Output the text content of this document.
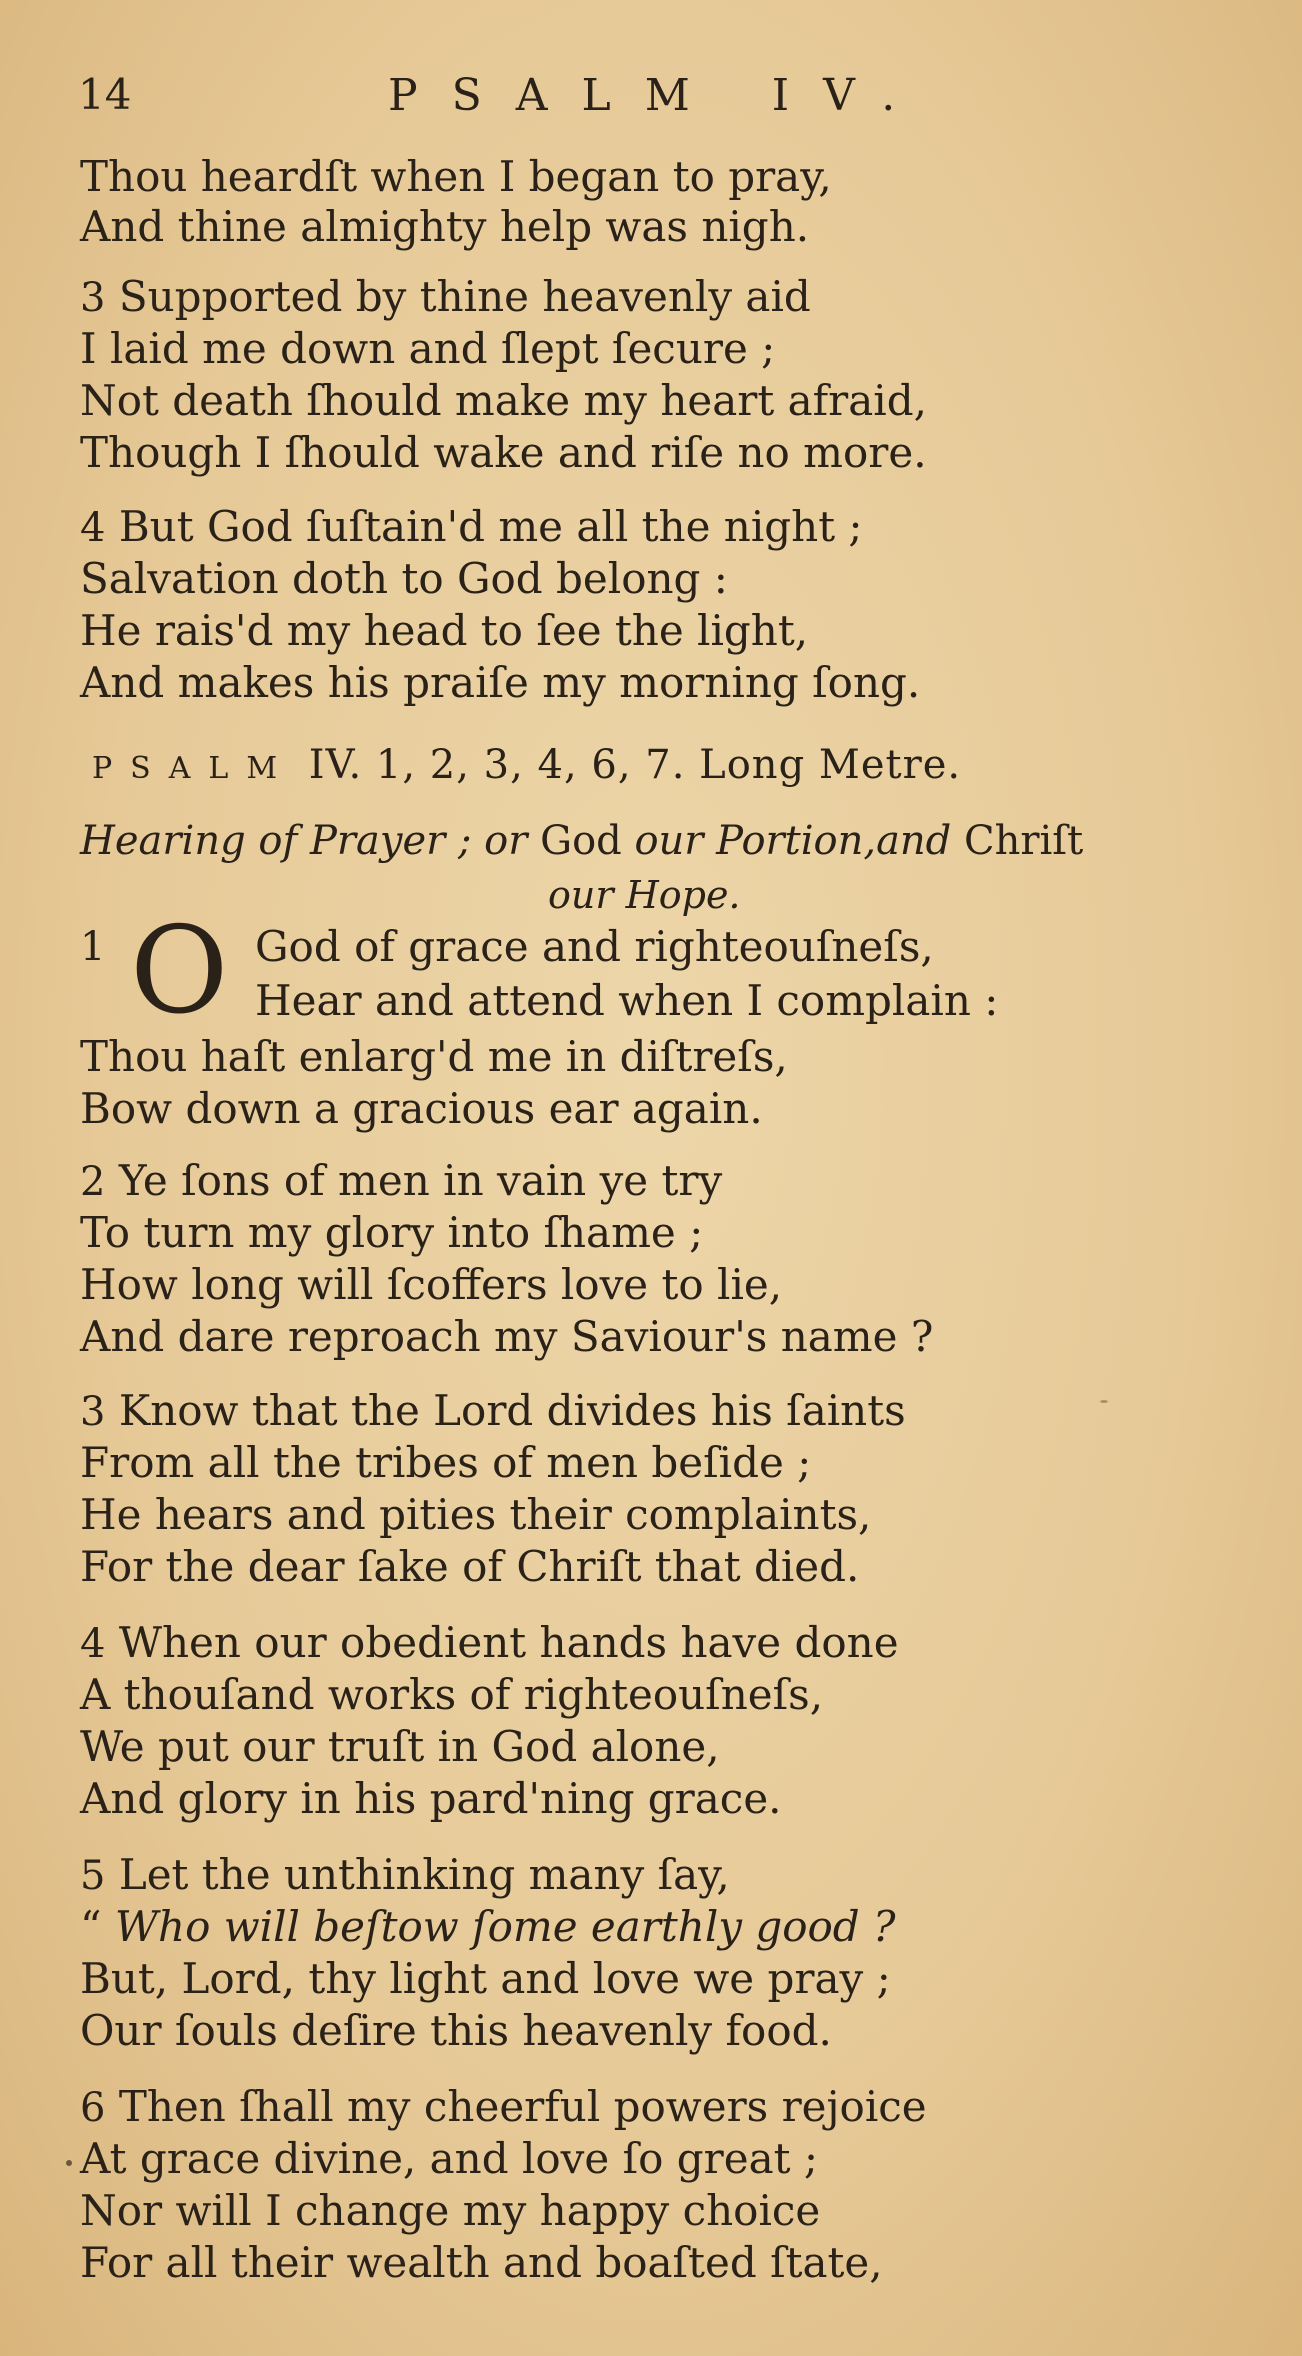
14	PSALM IV.
Thou heardſt when I began to pray,
And thine almighty help was nigh.
3 Supported by thine heavenly aid
I laid me down and ſlept ſecure ;
Not death ſhould make my heart afraid,
Though I ſhould wake and riſe no more.
4 But God ſuſtain'd me all the night ;
Salvation doth to God belong :
He rais'd my head to ſee the light,
And makes his praiſe my morning ſong.
PSALM IV. 1, 2, 3, 4, 6, 7. Long Metre.
Hearing of Prayer ; or God our Portion,and Chriſt
our Hope.
1 O God of grace and righteouſneſs,
Hear and attend when I complain :
Thou haſt enlarg'd me in diſtreſs,
Bow down a gracious ear again.
2 Ye ſons of men in vain ye try
To turn my glory into ſhame ;
How long will ſcoffers love to lie,
And dare reproach my Saviour's name ?
3 Know that the Lord divides his ſaints
From all the tribes of men beſide ;
He hears and pities their complaints,
For the dear ſake of Chriſt that died.
4 When our obedient hands have done
A thouſand works of righteouſneſs,
We put our truſt in God alone,
And glory in his pard'ning grace.
5 Let the unthinking many ſay,
“ Who will beſtow ſome earthly good ?
But, Lord, thy light and love we pray ;
Our ſouls deſire this heavenly food.
6 Then ſhall my cheerful powers rejoice
At grace divine, and love ſo great ;
Nor will I change my happy choice
For all their wealth and boaſted ſtate,
